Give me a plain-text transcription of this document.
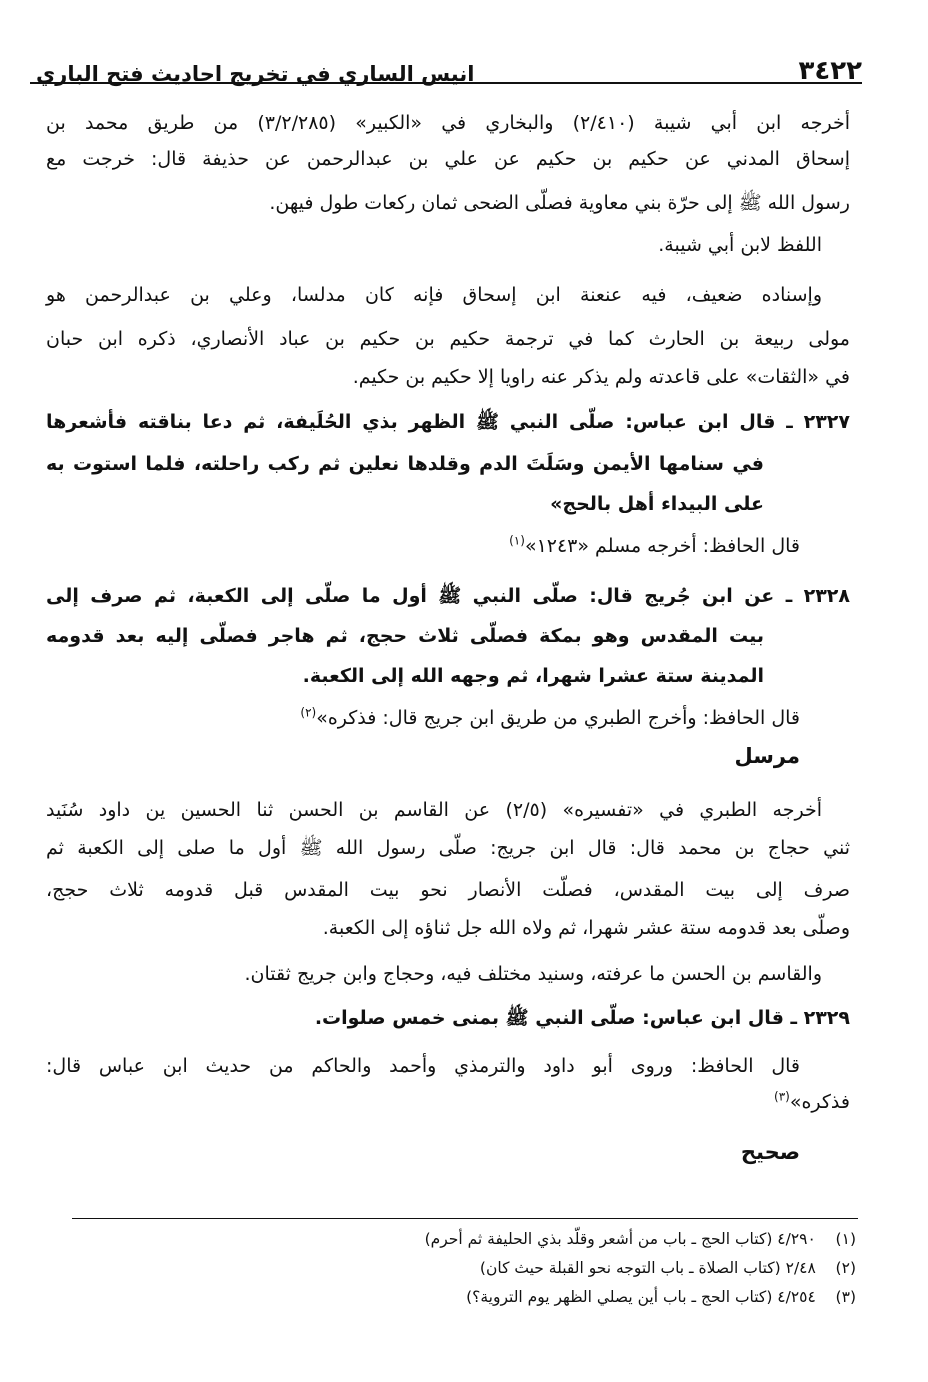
٣٤٢٢
انيس الساري في تخريج احاديث فتح الباري
أخرجه ابن أبي شيبة (٢/٤١٠) والبخاري في «الكبير» (٣/٢/٢٨٥) من طريق محمد بن
إسحاق المدني عن حكيم بن حكيم عن علي بن عبدالرحمن عن حذيفة قال: خرجت مع
رسول الله ﷺ إلى حرّة بني معاوية فصلّى الضحى ثمان ركعات طول فيهن.
اللفظ لابن أبي شيبة.
وإسناده ضعيف، فيه عنعنة ابن إسحاق فإنه كان مدلسا، وعلي بن عبدالرحمن هو
مولى ربيعة بن الحارث كما في ترجمة حكيم بن حكيم بن عباد الأنصاري، ذكره ابن حبان
في «الثقات» على قاعدته ولم يذكر عنه راويا إلا حكيم بن حكيم.
٢٣٢٧ ـ قال ابن عباس: صلّى النبي ﷺ الظهر بذي الحُلَيفة، ثم دعا بناقته فأشعرها
في سنامها الأيمن وسَلَتَ الدم وقلدها نعلين ثم ركب راحلته، فلما استوت به
على البيداء أهل بالحج»
قال الحافظ: أخرجه مسلم «١٢٤٣»$^{(١)}$
٢٣٢٨ ـ عن ابن جُريج قال: صلّى النبي ﷺ أول ما صلّى إلى الكعبة، ثم صرف إلى
بيت المقدس وهو بمكة فصلّى ثلاث حجج، ثم هاجر فصلّى إليه بعد قدومه
المدينة ستة عشرا شهرا، ثم وجهه الله إلى الكعبة.
قال الحافظ: وأخرج الطبري من طريق ابن جريج قال: فذكره»$^{(٢)}$
مرسل
أخرجه الطبري في «تفسيره» (٢/٥) عن القاسم بن الحسن ثنا الحسين ين داود سُنَيد
ثني حجاج بن محمد قال: قال ابن جريج: صلّى رسول الله ﷺ أول ما صلى إلى الكعبة ثم
صرف إلى بيت المقدس، فصلّت الأنصار نحو بيت المقدس قبل قدومه ثلاث حجج،
وصلّى بعد قدومه ستة عشر شهرا، ثم ولاه الله جل ثناؤه إلى الكعبة.
والقاسم بن الحسن ما عرفته، وسنيد مختلف فيه، وحجاج وابن جريج ثقتان.
٢٣٢٩ ـ قال ابن عباس: صلّى النبي ﷺ بمنى خمس صلوات.
قال الحافظ: وروى أبو داود والترمذي وأحمد والحاكم من حديث ابن عباس قال:
فذكره»$^{(٣)}$
صحيح
(١)    ٤/٢٩٠ (كتاب الحج ـ باب من أشعر وقلّد بذي الحليفة ثم أحرم)
(٢)    ٢/٤٨ (كتاب الصلاة ـ باب التوجه نحو القبلة حيث كان)
(٣)    ٤/٢٥٤ (كتاب الحج ـ باب أين يصلي الظهر يوم التروية؟)
